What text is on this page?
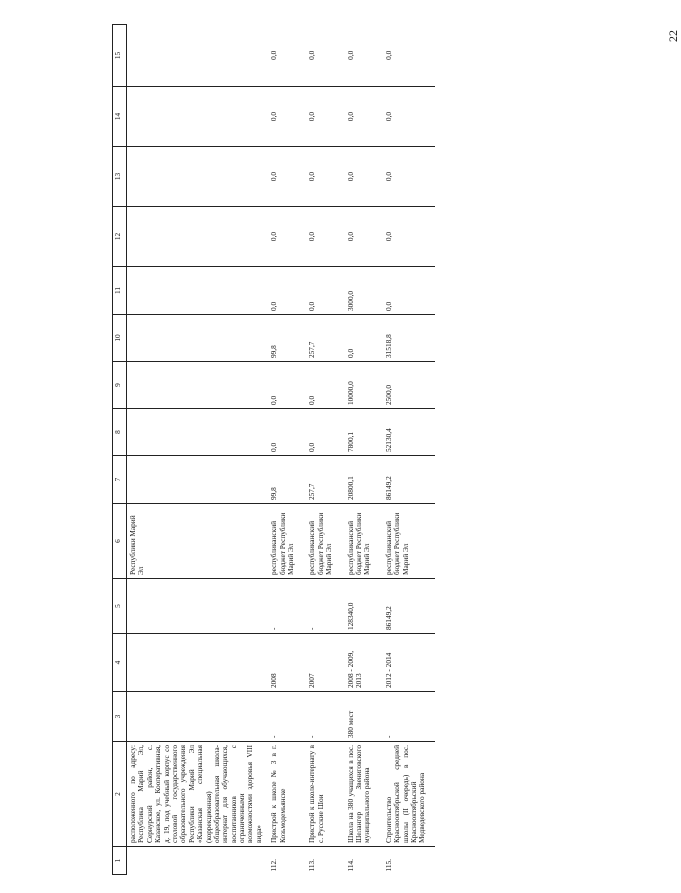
22
1	2	3	4	5	6	7	8	9	10	11	12	13	14	15
	расположенного по адресу: Республика Марий Эл, Сернурский район, с. Казанское, ул. Кооперативная, д. 19, под учебный корпус со столовой государственного образовательного учреждения Республики Марий Эл «Казанская специальная (коррекционная) общеобразовательная школа-интернат для обучающихся, воспитанников с ограниченными возможностями здоровья VIII вида»				Республики Марий Эл									
112.	Пристрой к школе № 3 в г. Козьмодемьянске	-	2008	-	республиканский бюджет Республики Марий Эл	99,8	0,0	0,0	99,8	0,0	0,0	0,0	0,0	0,0
113.	Пристрой к школе-интернату в с. Русские Шои	-	2007	-	республиканский бюджет Республики Марий Эл	257,7	0,0	0,0	257,7	0,0	0,0	0,0	0,0	0,0
114.	Школа на 380 учащихся в пос. Шелангер Звениговского муниципального района	380 мест	2008 - 2009, 2013	128340,0	республиканский бюджет Республики Марий Эл	20800,1	7800,1	10000,0	0,0	3000,0	0,0	0,0	0,0	0,0
115.	Строительство Краснооктябрьской средней школы (II очередь) в пос. Краснооктябрьский Медведевского района	-	2012 - 2014	86149,2	республиканский бюджет Республики Марий Эл	86149,2	52130,4	2500,0	31518,8	0,0	0,0	0,0	0,0	0,0
